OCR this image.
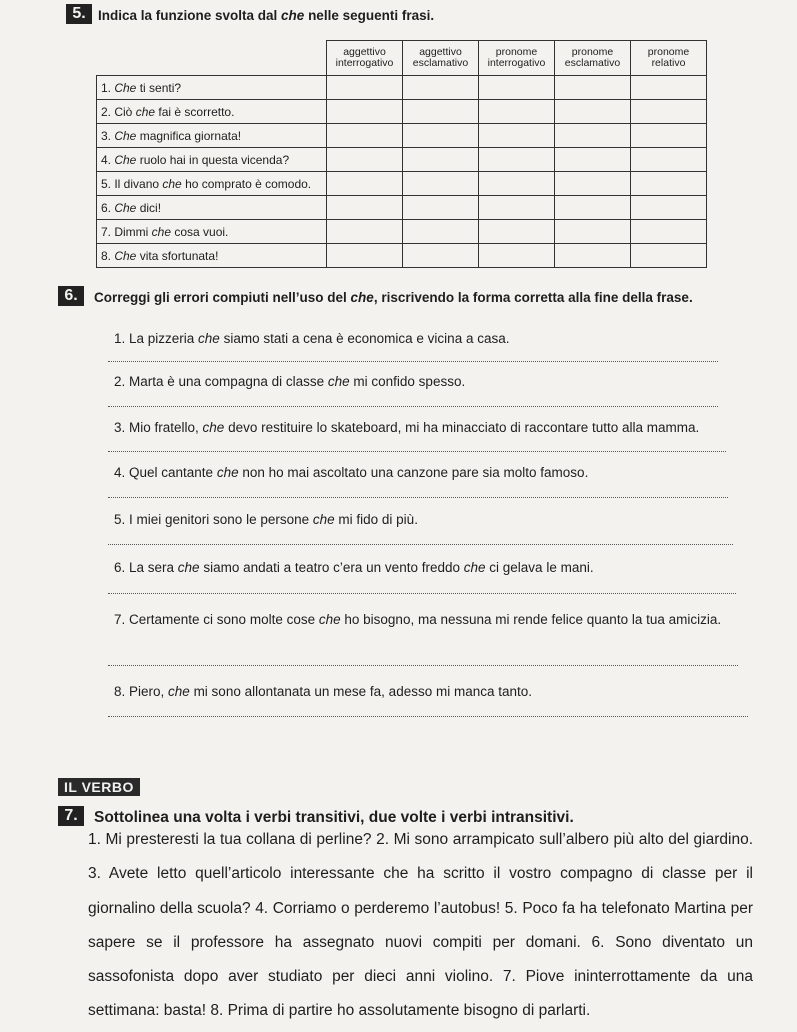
5. Indica la funzione svolta dal che nelle seguenti frasi.
	aggettivo interrogativo	aggettivo esclamativo	pronome interrogativo	pronome esclamativo	pronome relativo
1. Che ti senti?					
2. Ciò che fai è scorretto.					
3. Che magnifica giornata!					
4. Che ruolo hai in questa vicenda?					
5. Il divano che ho comprato è comodo.					
6. Che dici!					
7. Dimmi che cosa vuoi.					
8. Che vita sfortunata!					
6.	Correggi gli errori compiuti nell’uso del che, riscrivendo la forma corretta alla fine della frase.
1. La pizzeria che siamo stati a cena è economica e vicina a casa.
2. Marta è una compagna di classe che mi confido spesso.
3. Mio fratello, che devo restituire lo skateboard, mi ha minacciato di raccontare tutto alla mamma.
4. Quel cantante che non ho mai ascoltato una canzone pare sia molto famoso.
5. I miei genitori sono le persone che mi fido di più.
6. La sera che siamo andati a teatro c’era un vento freddo che ci gelava le mani.
7. Certamente ci sono molte cose che ho bisogno, ma nessuna mi rende felice quanto la tua amicizia.
8. Piero, che mi sono allontanata un mese fa, adesso mi manca tanto.
IL VERBO
7.	Sottolinea una volta i verbi transitivi, due volte i verbi intransitivi.
1. Mi presteresti la tua collana di perline? 2. Mi sono arrampicato sull’albero più alto del giardino. 3. Avete letto quell’articolo interessante che ha scritto il vostro compagno di classe per il giornalino della scuola? 4. Corriamo o perderemo l’autobus! 5. Poco fa ha telefonato Martina per sapere se il professore ha assegnato nuovi compiti per domani. 6. Sono diventato un sassofonista dopo aver studiato per dieci anni violino. 7. Piove ininterrottamente da una settimana: basta! 8. Prima di partire ho assolutamente bisogno di parlarti.
